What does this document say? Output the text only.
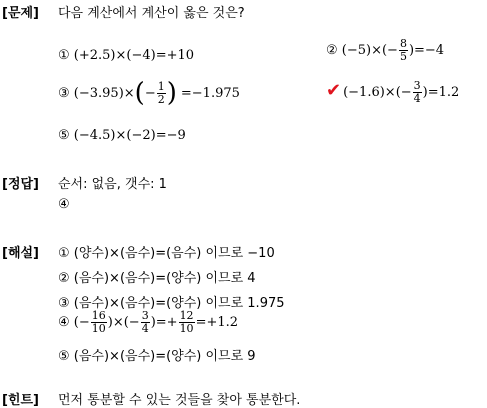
[문제] 다음 계산에서 계산이 옳은 것은?
① (+2.5)×(−4)=+10	② $(-5)\times(- \frac{8}{5} )=-4$
③ (−3.95)× ( − $\frac{1}{2}$ ) =−1.975	✔ $(-1.6)\times(- \frac{3}{4} )=1.2$
⑤ (−4.5)×(−2)=−9
[정답] 순서: 없음, 갯수: 1
④
[해설] ① (양수)×(음수)=(음수) 이므로 −10
② (음수)×(음수)=(양수) 이므로 4
③ (음수)×(음수)=(양수) 이므로 1.975
④ (− $\frac{16}{10}$ )×(− $\frac{3}{4}$ )=+ $\frac{12}{10} =+1.2$
⑤ (음수)×(음수)=(양수) 이므로 9
[힌트] 먼저 통분할 수 있는 것들을 찾아 통분한다.
